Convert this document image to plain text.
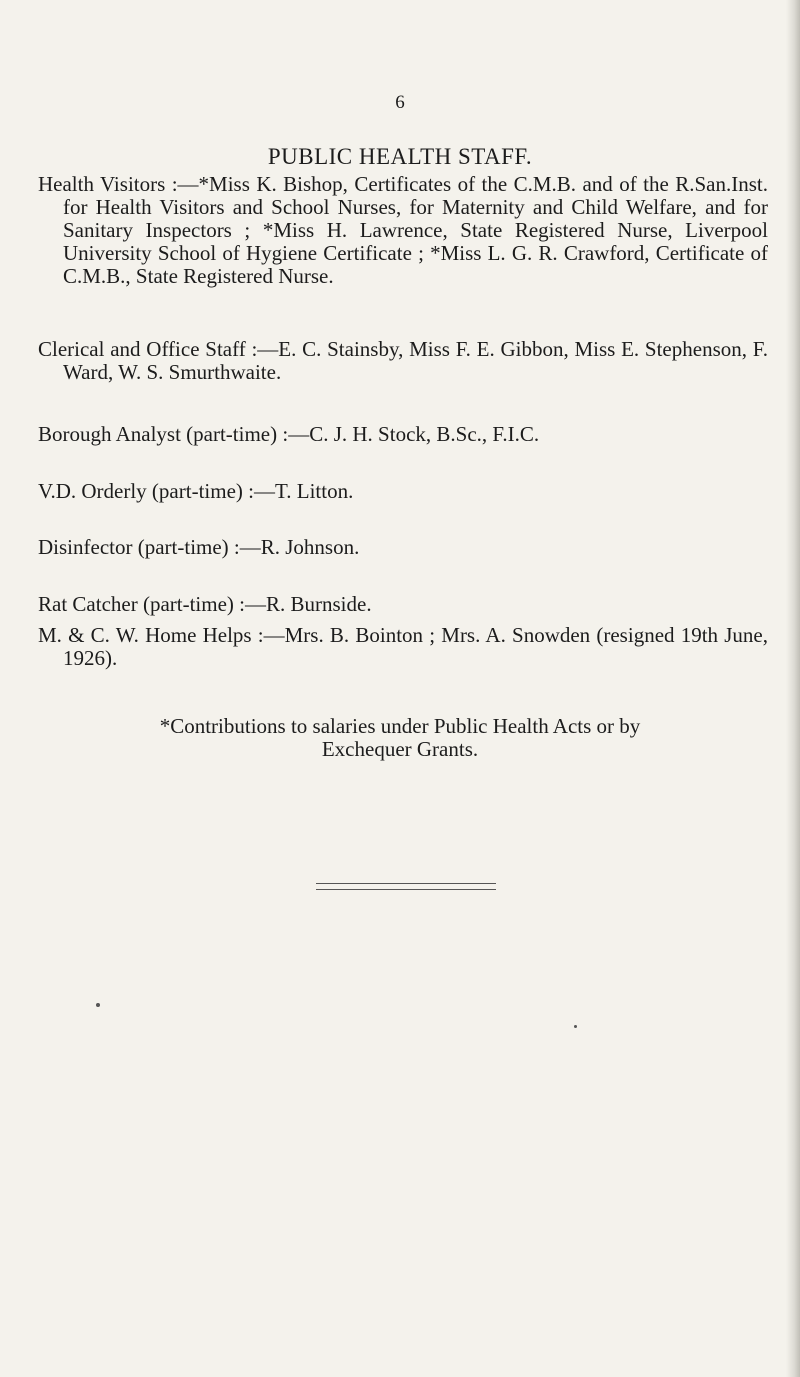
6
PUBLIC HEALTH STAFF.
Health Visitors :—*Miss K. Bishop, Certificates of the C.M.B. and of the R.San.Inst. for Health Visitors and School Nurses, for Maternity and Child Welfare, and for Sanitary Inspectors ; *Miss H. Lawrence, State Registered Nurse, Liverpool University School of Hygiene Certificate ; *Miss L. G. R. Crawford, Certificate of C.M.B., State Registered Nurse.
Clerical and Office Staff :—E. C. Stainsby, Miss F. E. Gibbon, Miss E. Stephenson, F. Ward, W. S. Smurthwaite.
Borough Analyst (part-time) :—C. J. H. Stock, B.Sc., F.I.C.
V.D. Orderly (part-time) :—T. Litton.
Disinfector (part-time) :—R. Johnson.
Rat Catcher (part-time) :—R. Burnside.
M. & C. W. Home Helps :—Mrs. B. Bointon ; Mrs. A. Snowden (resigned 19th June, 1926).
*Contributions to salaries under Public Health Acts or by Exchequer Grants.
